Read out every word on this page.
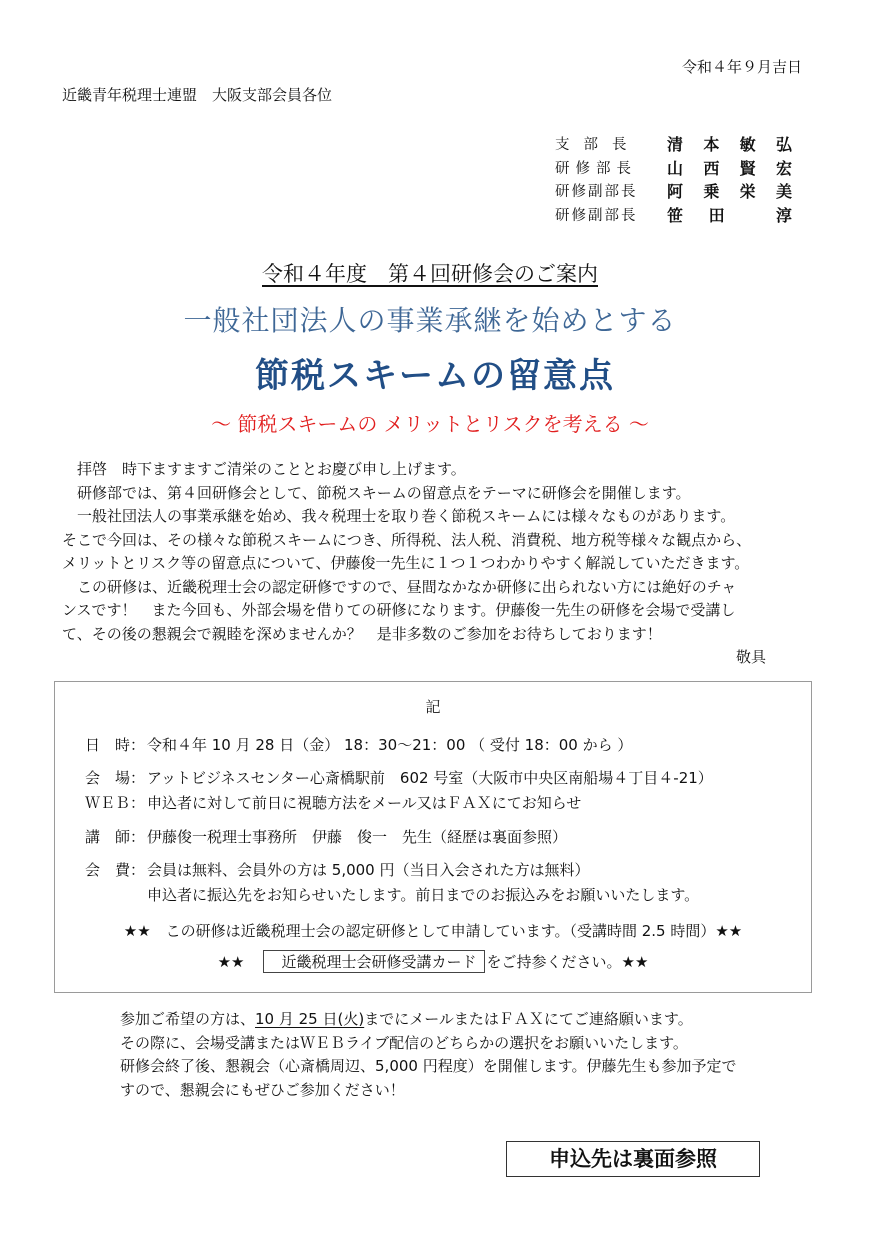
令和４年９月吉日
近畿青年税理士連盟　大阪支部会員各位
支部長	清 本 敏 弘
研修部長	山 西 賢 宏
研修副部長	阿 乗 栄 美
研修副部長	笹 田	淳
令和４年度　第４回研修会のご案内
一般社団法人の事業承継を始めとする
節税スキームの留意点
～ 節税スキームの メリットとリスクを考える ～

　拝啓　時下ますますご清栄のこととお慶び申し上げます。

　研修部では、第４回研修会として、節税スキームの留意点をテーマに研修会を開催します。

　一般社団法人の事業承継を始め、我々税理士を取り巻く節税スキームには様々なものがあります。

そこで今回は、その様々な節税スキームにつき、所得税、法人税、消費税、地方税等様々な観点から、

メリットとリスク等の留意点について、伊藤俊一先生に１つ１つわかりやすく解説していただきます。

　この研修は、近畿税理士会の認定研修ですので、昼間なかなか研修に出られない方には絶好のチャ

ンスです！　また今回も、外部会場を借りての研修になります。伊藤俊一先生の研修を会場で受講し

て、その後の懇親会で親睦を深めませんか？　是非多数のご参加をお待ちしております！

敬具

記
日　時： 令和４年 10 月 28 日（金） 18：30～21：00 （ 受付 18：00 から ）
会　場： アットビジネスセンター心斎橋駅前　602 号室（大阪市中央区南船場４丁目４-21）
ＷＥＢ： 申込者に対して前日に視聴方法をメール又はＦＡＸにてお知らせ
講　師： 伊藤俊一税理士事務所　伊藤　俊一　先生（経歴は裏面参照）
会　費： 会員は無料、会員外の方は 5,000 円（当日入会された方は無料）
申込者に振込先をお知らせいたします。前日までのお振込みをお願いいたします。
★★　この研修は近畿税理士会の認定研修として申請しています。（受講時間 2.5 時間）★★
★★ 近畿税理士会研修受講カード をご持参ください。★★

参加ご希望の方は、10 月 25 日(火)までにメールまたはＦＡＸにてご連絡願います。

その際に、会場受講またはＷＥＢライブ配信のどちらかの選択をお願いいたします。

研修会終了後、懇親会（心斎橋周辺、5,000 円程度）を開催します。伊藤先生も参加予定で

すので、懇親会にもぜひご参加ください！

申込先は裏面参照
